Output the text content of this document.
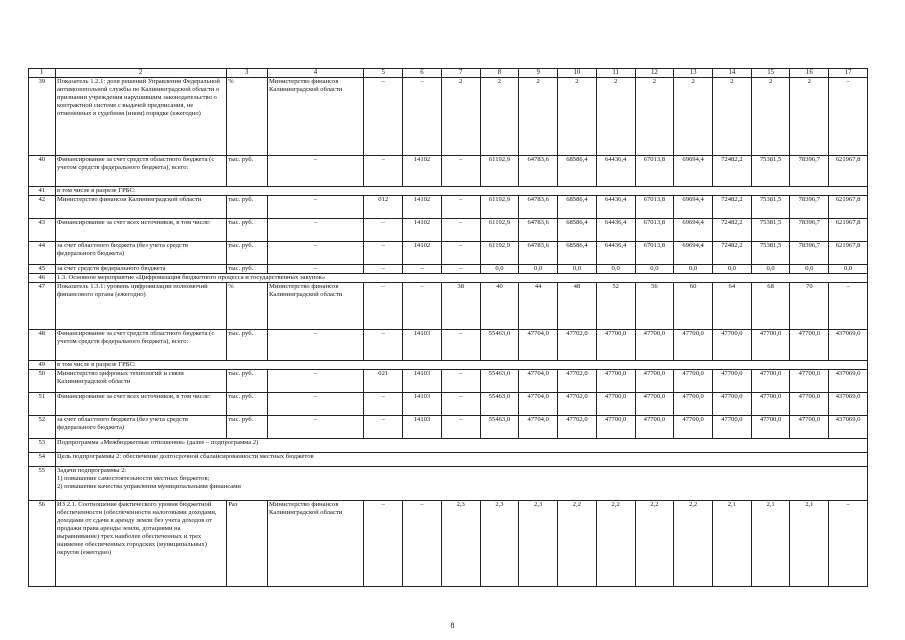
1	2	3	4	5	6	7	8	9	10	11	12	13	14	15	16	17
39	Показатель 1.2.1: доля решений Управления Федеральной антимонопольной службы по Калининградской области о признании учреждения нарушившим законодательство о контрактной системе с выдачей предписания, не отмененных в судебном (ином) порядке (ежегодно)	%	Министерство финансов Калининградской области	–	–	2	2	2	2	2	2	2	2	2	2	–
40	Финансирование за счет средств областного бюджета (с учетом средств федерального бюджета), всего:	тыс. руб.	–	–	14102	–	61192,9	64783,6	68586,4	64436,4	67013,8	69694,4	72482,2	75381,5	78396,7	621967,8
41	в том числе в разрезе ГРБС:															
42	Министерство финансов Калининградской области	тыс. руб.	–	012	14102	–	61192,9	64783,6	68586,4	64436,4	67013,8	69694,4	72482,2	75381,5	78396,7	621967,8
43	Финансирование за счет всех источников, в том числе:	тыс. руб.	–	–	14102	–	61192,9	64783,6	68586,4	64436,4	67013,8	69694,4	72482,2	75381,5	78396,7	621967,8
44	за счет областного бюджета (без учета средств федерального бюджета)	тыс. руб.	–	–	14102	–	61192,9	64783,6	68586,4	64436,4	67013,8	69694,4	72482,2	75381,5	78396,7	621967,8
45	за счет средств федерального бюджета	тыс. руб.	–	–	–	–	0,0	0,0	0,0	0,0	0,0	0,0	0,0	0,0	0,0	0,0
46	1.3. Основное мероприятие «Цифровизация бюджетного процесса и государственных закупок»															
47	Показатель 1.3.1: уровень цифровизации полномочий финансового органа (ежегодно)	%	Министерство финансов Калининградской области	–	–	38	40	44	48	52	56	60	64	68	70	–
48	Финансирование за счет средств областного бюджета (с учетом средств федерального бюджета), всего:	тыс. руб.	–	–	14103	–	55463,0	47704,0	47702,0	47700,0	47700,0	47700,0	47700,0	47700,0	47700,0	437069,0
49	в том числе в разрезе ГРБС:															
50	Министерство цифровых технологий и связи Калининградской области	тыс. руб.	–	021	14103	–	55463,0	47704,0	47702,0	47700,0	47700,0	47700,0	47700,0	47700,0	47700,0	437069,0
51	Финансирование за счет всех источников, в том числе:	тыс. руб.	–	–	14103	–	55463,0	47704,0	47702,0	47700,0	47700,0	47700,0	47700,0	47700,0	47700,0	437069,0
52	за счет областного бюджета (без учета средств федерального бюджета)	тыс. руб.	–	–	14103	–	55463,0	47704,0	47702,0	47700,0	47700,0	47700,0	47700,0	47700,0	47700,0	437069,0
53	Подпрограмма «Межбюджетные отношения» (далее – подпрограмма 2)															
54	Цель подпрограммы 2: обеспечение долгосрочной сбалансированности местных бюджетов															
55	Задачи подпрограммы 2:
1) повышение самостоятельности местных бюджетов;
2) повышение качества управления муниципальными финансами															
56	ИЗ 2.1. Соотношение фактического уровня бюджетной обеспеченности (обеспеченности налоговыми доходами, доходами от сдачи в аренду земли без учета доходов от продажи права аренды земли, дотациями на выравнивание) трех наиболее обеспеченных и трех наименее обеспеченных городских (муниципальных) округов (ежегодно)	Раз	Министерство финансов Калининградской области	–	–	2,3	2,3	2,3	2,2	2,2	2,2	2,2	2,1	2,1	2,1	–
8
